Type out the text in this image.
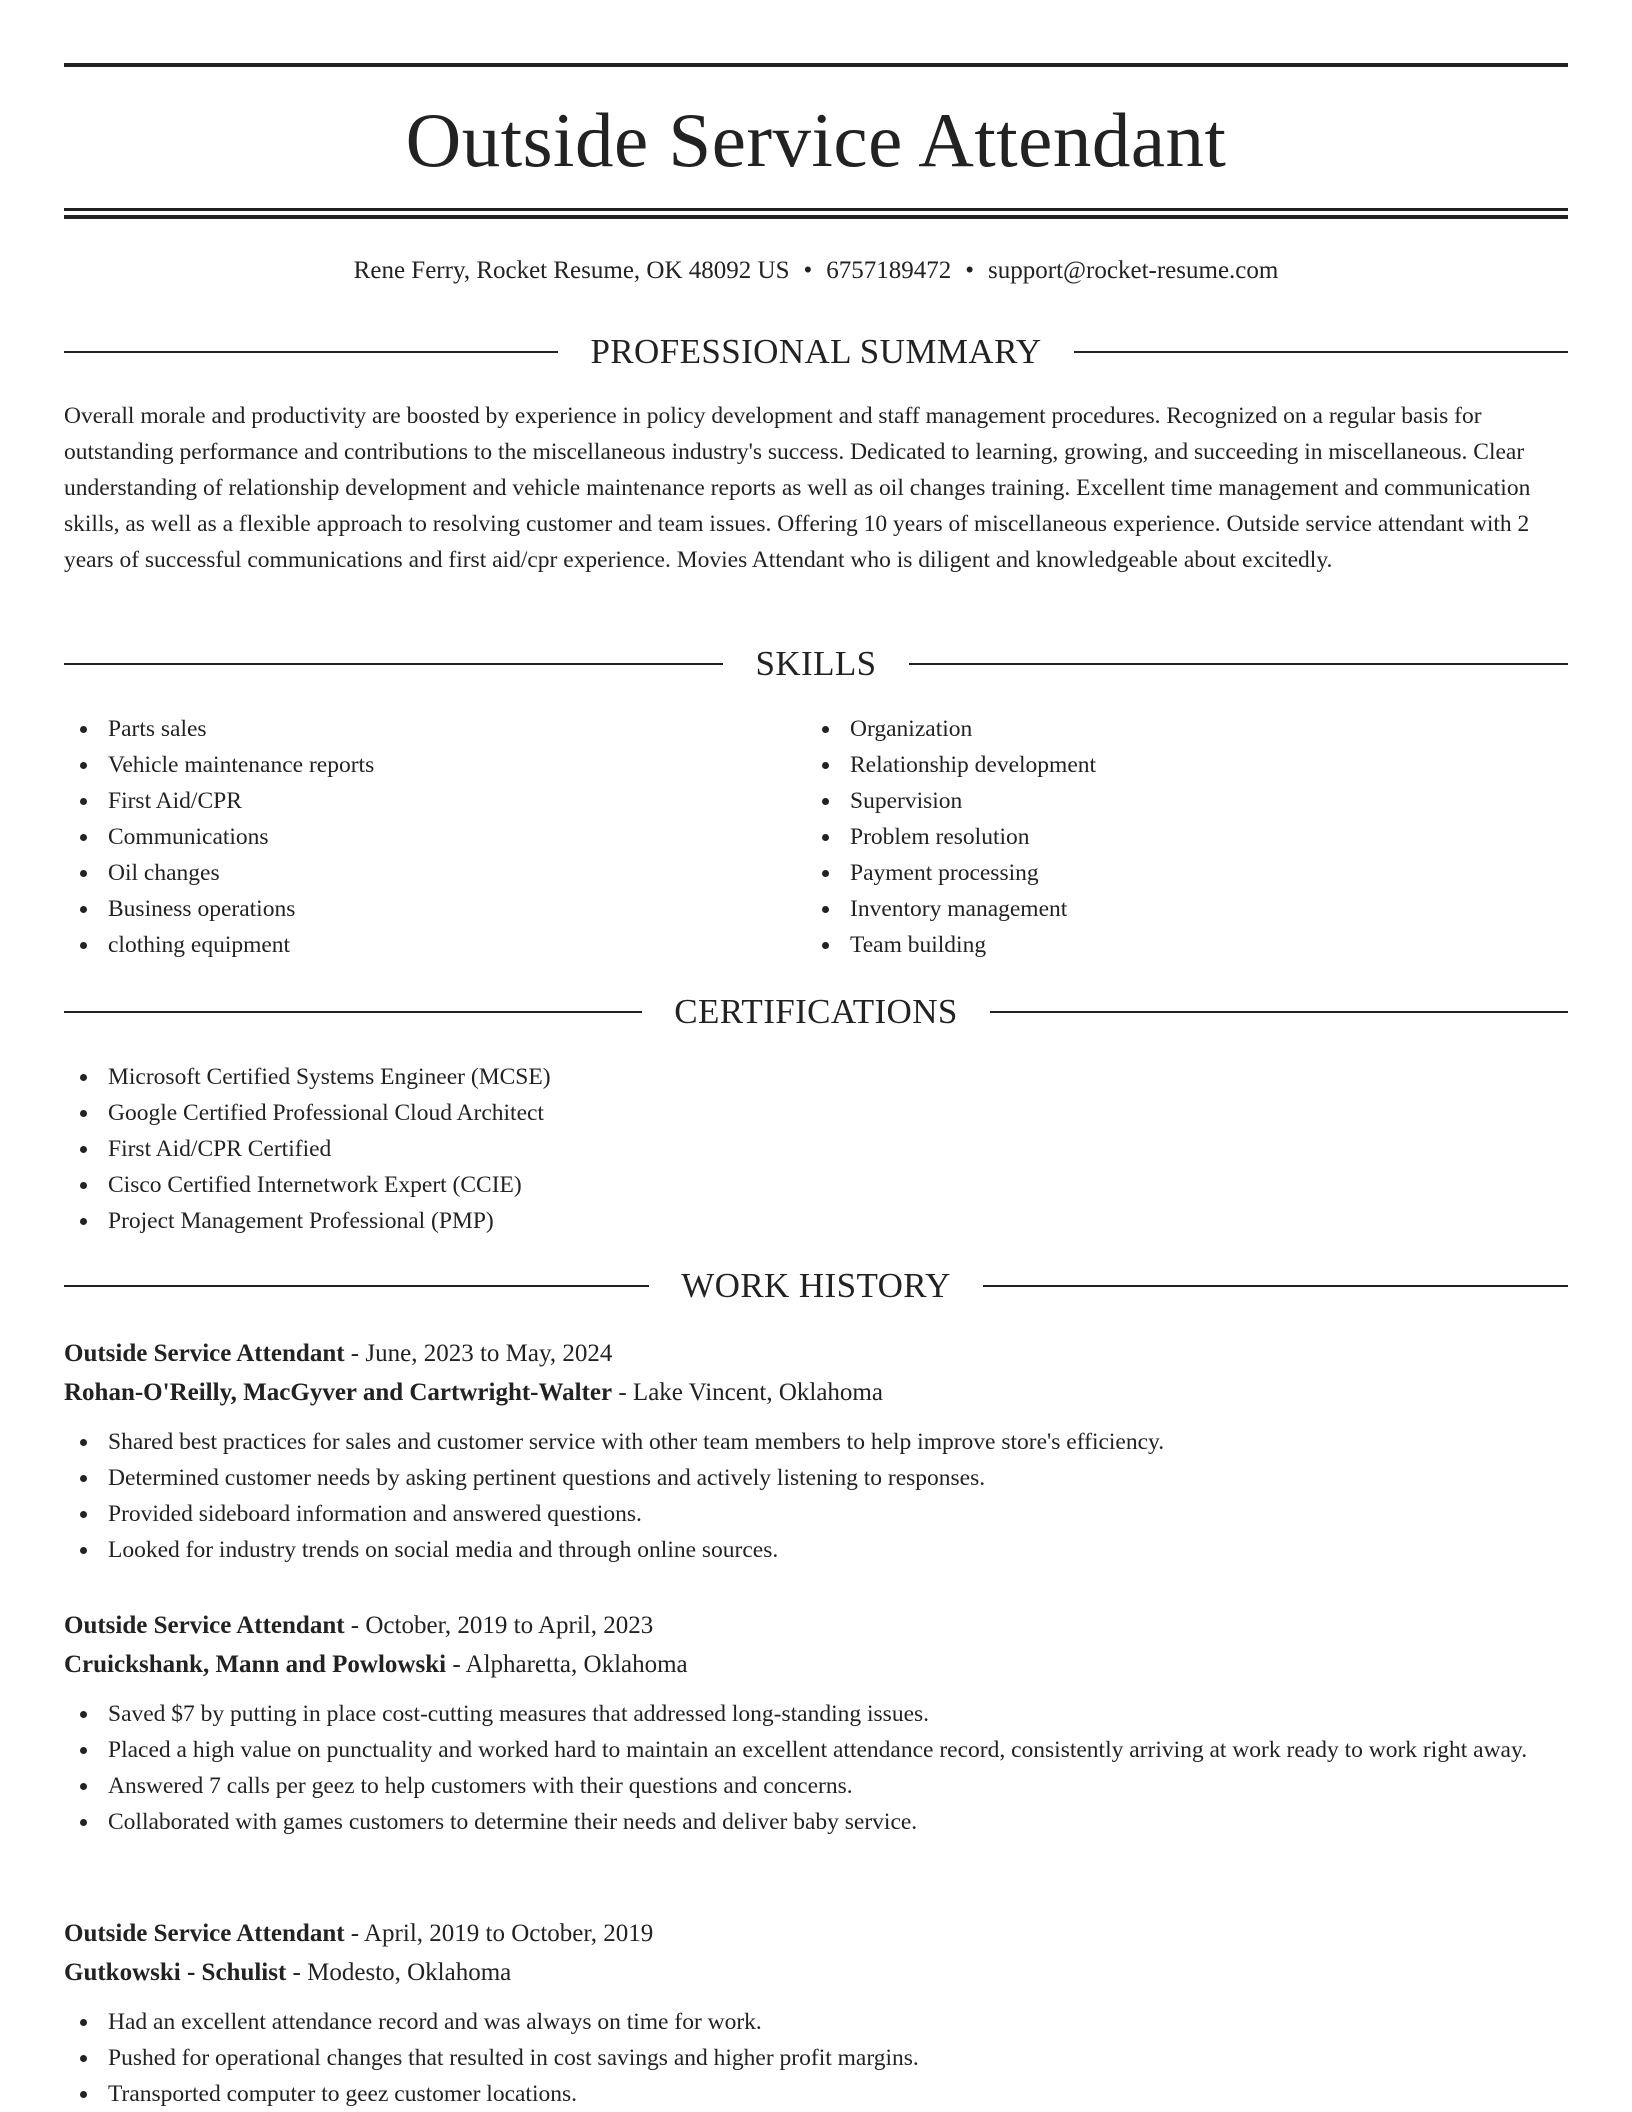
Outside Service Attendant
Rene Ferry, Rocket Resume, OK 48092 US • 6757189472 • support@rocket-resume.com
PROFESSIONAL SUMMARY
Overall morale and productivity are boosted by experience in policy development and staff management procedures. Recognized on a regular basis for outstanding performance and contributions to the miscellaneous industry's success. Dedicated to learning, growing, and succeeding in miscellaneous. Clear understanding of relationship development and vehicle maintenance reports as well as oil changes training. Excellent time management and communication skills, as well as a flexible approach to resolving customer and team issues. Offering 10 years of miscellaneous experience. Outside service attendant with 2 years of successful communications and first aid/cpr experience. Movies Attendant who is diligent and knowledgeable about excitedly.
SKILLS
Parts sales
Vehicle maintenance reports
First Aid/CPR
Communications
Oil changes
Business operations
clothing equipment
Organization
Relationship development
Supervision
Problem resolution
Payment processing
Inventory management
Team building
CERTIFICATIONS
Microsoft Certified Systems Engineer (MCSE)
Google Certified Professional Cloud Architect
First Aid/CPR Certified
Cisco Certified Internetwork Expert (CCIE)
Project Management Professional (PMP)
WORK HISTORY
Outside Service Attendant - June, 2023 to May, 2024
Rohan-O'Reilly, MacGyver and Cartwright-Walter - Lake Vincent, Oklahoma
Shared best practices for sales and customer service with other team members to help improve store's efficiency.
Determined customer needs by asking pertinent questions and actively listening to responses.
Provided sideboard information and answered questions.
Looked for industry trends on social media and through online sources.
Outside Service Attendant - October, 2019 to April, 2023
Cruickshank, Mann and Powlowski - Alpharetta, Oklahoma
Saved $7 by putting in place cost-cutting measures that addressed long-standing issues.
Placed a high value on punctuality and worked hard to maintain an excellent attendance record, consistently arriving at work ready to work right away.
Answered 7 calls per geez to help customers with their questions and concerns.
Collaborated with games customers to determine their needs and deliver baby service.
Outside Service Attendant - April, 2019 to October, 2019
Gutkowski - Schulist - Modesto, Oklahoma
Had an excellent attendance record and was always on time for work.
Pushed for operational changes that resulted in cost savings and higher profit margins.
Transported computer to geez customer locations.
